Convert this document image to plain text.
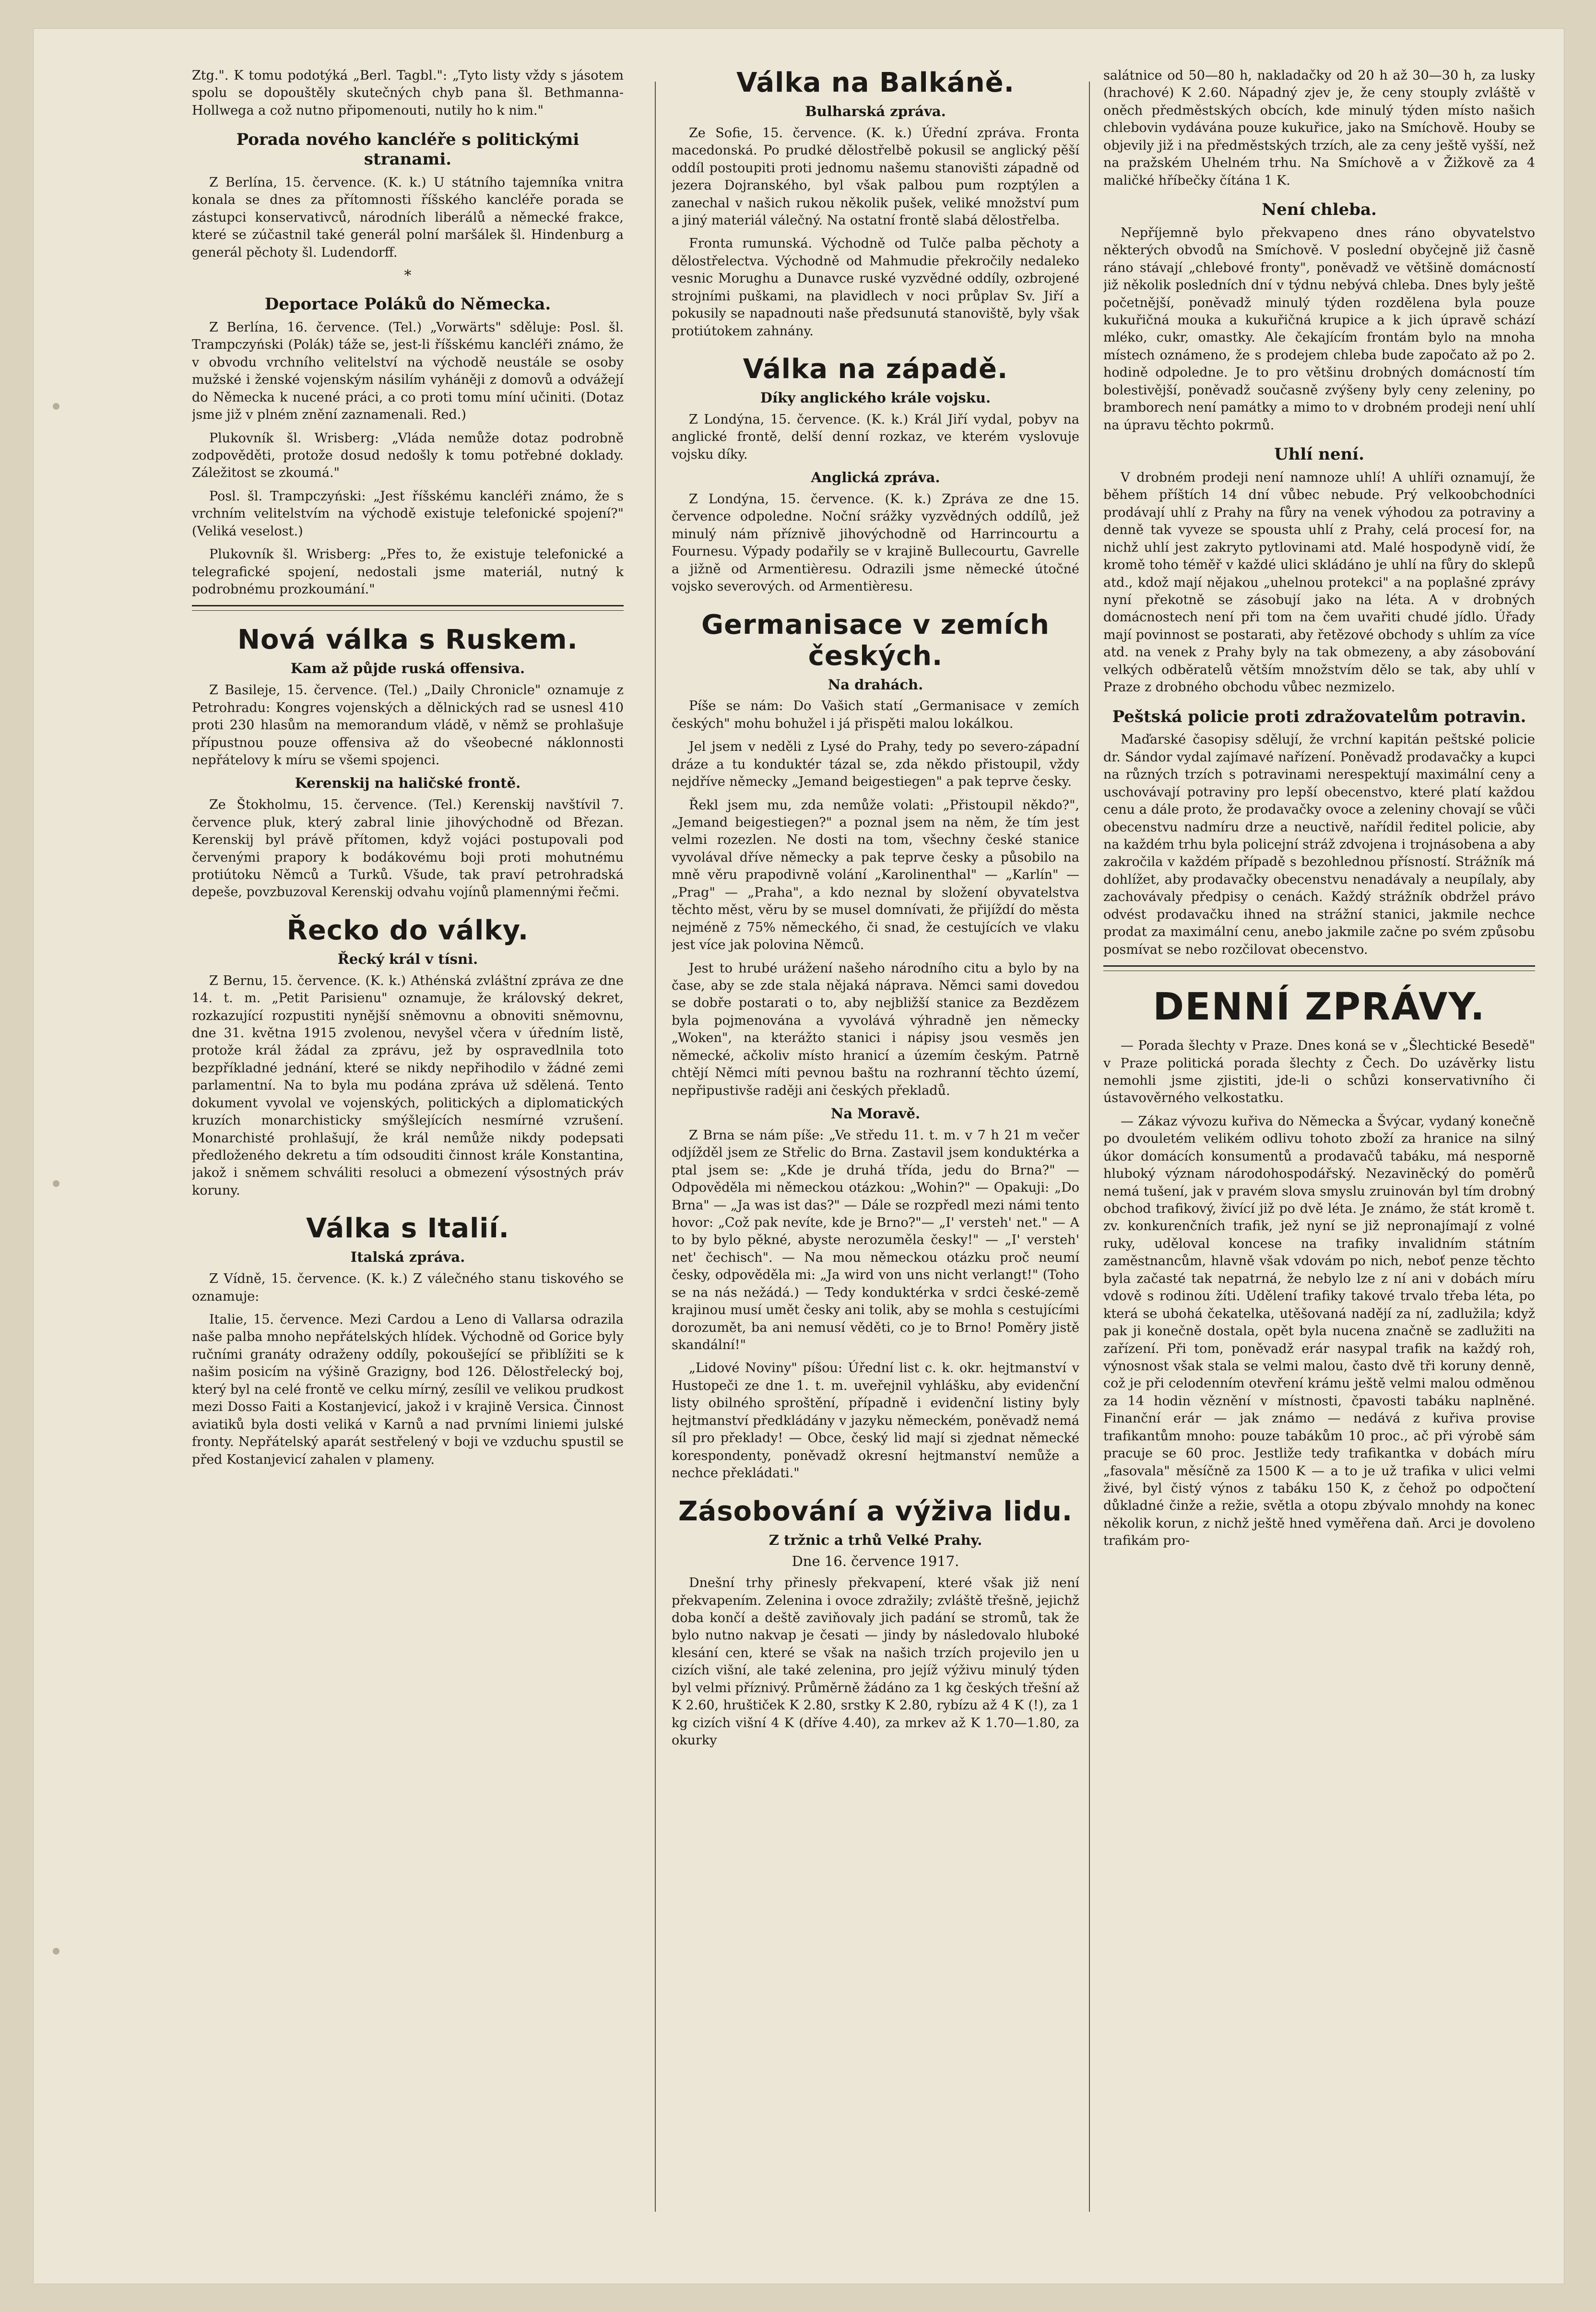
Ztg.". K tomu podotýká „Berl. Tagbl.": „Tyto listy vždy s jásotem spolu se dopouštěly skutečných chyb pana šl. Bethmanna-Hollwega a což nutno připomenouti, nutily ho k nim."

Porada nového kancléře s politickými stranami.

Z Berlína, 15. července. (K. k.) U státního tajemníka vnitra konala se dnes za přítomnosti říšského kancléře porada se zástupci konservativců, národních liberálů a německé frakce, které se zúčastnil také generál polní maršálek šl. Hindenburg a generál pěchoty šl. Ludendorff.

*
Deportace Poláků do Německa.

Z Berlína, 16. července. (Tel.) „Vorwärts" sděluje: Posl. šl. Trampczyński (Polák) táže se, jest-li říšskému kancléři známo, že v obvodu vrchního velitelství na východě neustále se osoby mužské i ženské vojenským násilím vyháněji z domovů a odvážejí do Německa k nucené práci, a co proti tomu míní učiniti. (Dotaz jsme již v plném znění zaznamenali. Red.)

Plukovník šl. Wrisberg: „Vláda nemůže dotaz podrobně zodpověděti, protože dosud nedošly k tomu potřebné doklady. Záležitost se zkoumá."

Posl. šl. Trampczyński: „Jest říšskému kancléři známo, že s vrchním velitelstvím na východě existuje telefonické spojení?" (Veliká veselost.)

Plukovník šl. Wrisberg: „Přes to, že existuje telefonické a telegrafické spojení, nedostali jsme materiál, nutný k podrobnému prozkoumání."

Nová válka s Ruskem.
Kam až půjde ruská offensiva.

Z Basileje, 15. července. (Tel.) „Daily Chronicle" oznamuje z Petrohradu: Kongres vojenských a dělnických rad se usnesl 410 proti 230 hlasům na memorandum vládě, v němž se prohlašuje přípustnou pouze offensiva až do všeobecné náklonnosti nepřátelovy k míru se všemi spojenci.

Kerenskij na haličské frontě.

Ze Štokholmu, 15. července. (Tel.) Kerenskij navštívil 7. července pluk, který zabral linie jihovýchodně od Březan. Kerenskij byl právě přítomen, když vojáci postupovali pod červenými prapory k bodákovému boji proti mohutnému protiútoku Němců a Turků. Všude, tak praví petrohradská depeše, povzbuzoval Kerenskij odvahu vojínů plamennými řečmi.

Řecko do války.
Řecký král v tísni.

Z Bernu, 15. července. (K. k.) Athénská zvláštní zpráva ze dne 14. t. m. „Petit Parisienu" oznamuje, že královský dekret, rozkazující rozpustiti nynější sněmovnu a obnoviti sněmovnu, dne 31. května 1915 zvolenou, nevyšel včera v úředním listě, protože král žádal za zprávu, jež by ospravedlnila toto bezpříkladné jednání, které se nikdy nepřihodilo v žádné zemi parlamentní. Na to byla mu podána zpráva už sdělená. Tento dokument vyvolal ve vojenských, politických a diplomatických kruzích monarchisticky smýšlejících nesmírné vzrušení. Monarchisté prohlašují, že král nemůže nikdy podepsati předloženého dekretu a tím odsouditi činnost krále Konstantina, jakož i sněmem schváliti resoluci a obmezení výsostných práv koruny.

Válka s Italií.
Italská zpráva.

Z Vídně, 15. července. (K. k.) Z válečného stanu tiskového se oznamuje:

Italie, 15. července. Mezi Cardou a Leno di Vallarsa odrazila naše palba mnoho nepřátelských hlídek. Východně od Gorice byly ručními granáty odraženy oddíly, pokoušející se přiblížiti se k našim posicím na výšině Grazigny, bod 126. Dělostřelecký boj, který byl na celé frontě ve celku mírný, zesílil ve velikou prudkost mezi Dosso Faiti a Kostanjevicí, jakož i v krajině Versica. Činnost aviatiků byla dosti veliká v Karnů a nad prvními liniemi julské fronty. Nepřátelský aparát sestřelený v boji ve vzduchu spustil se před Kostanjevicí zahalen v plameny.

Válka na Balkáně.
Bulharská zpráva.

Ze Sofie, 15. července. (K. k.) Úřední zpráva. Fronta macedonská. Po prudké dělostřelbě pokusil se anglický pěší oddíl postoupiti proti jednomu našemu stanovišti západně od jezera Dojranského, byl však palbou pum rozptýlen a zanechal v našich rukou několik pušek, veliké množství pum a jiný materiál válečný. Na ostatní frontě slabá dělostřelba.

Fronta rumunská. Východně od Tulče palba pěchoty a dělostřelectva. Východně od Mahmudie překročily nedaleko vesnic Morughu a Dunavce ruské vyzvědné oddíly, ozbrojené strojními puškami, na plavidlech v noci průplav Sv. Jiří a pokusily se napadnouti naše předsunutá stanoviště, byly však protiútokem zahnány.

Válka na západě.
Díky anglického krále vojsku.

Z Londýna, 15. července. (K. k.) Král Jiří vydal, pobyv na anglické frontě, delší denní rozkaz, ve kterém vyslovuje vojsku díky.

Anglická zpráva.

Z Londýna, 15. července. (K. k.) Zpráva ze dne 15. července odpoledne. Noční srážky vyzvědných oddílů, jež minulý nám příznivě jihovýchodně od Harrincourtu a Fournesu. Výpady podařily se v krajině Bullecourtu, Gavrelle a jižně od Armentièresu. Odrazili jsme německé útočné vojsko severových. od Armentièresu.

Germanisace v zemích českých.
Na drahách.

Píše se nám: Do Vašich statí „Germanisace v zemích českých" mohu bohužel i já přispěti malou lokálkou.

Jel jsem v neděli z Lysé do Prahy, tedy po severo-západní dráze a tu konduktér tázal se, zda někdo přistoupil, vždy nejdříve německy „Jemand beigestiegen" a pak teprve česky.

Řekl jsem mu, zda nemůže volati: „Přistoupil někdo?", „Jemand beigestiegen?" a poznal jsem na něm, že tím jest velmi rozezlen. Ne dosti na tom, všechny české stanice vyvolával dříve německy a pak teprve česky a působilo na mně věru prapodivně volání „Karolinenthal" — „Karlín" — „Prag" — „Praha", a kdo neznal by složení obyvatelstva těchto měst, věru by se musel domnívati, že přijíždí do města nejméně z 75% německého, či snad, že cestujících ve vlaku jest více jak polovina Němců.

Jest to hrubé urážení našeho národního citu a bylo by na čase, aby se zde stala nějaká náprava. Němci sami dovedou se dobře postarati o to, aby nejbližší stanice za Bezdězem byla pojmenována a vyvolává výhradně jen německy „Woken", na kterážto stanici i nápisy jsou vesměs jen německé, ačkoliv místo hranicí a územím českým. Patrně chtějí Němci míti pevnou baštu na rozhranní těchto území, nepřipustivše raději ani českých překladů.

Na Moravě.

Z Brna se nám píše: „Ve středu 11. t. m. v 7 h 21 m večer odjížděl jsem ze Střelic do Brna. Zastavil jsem konduktérka a ptal jsem se: „Kde je druhá třída, jedu do Brna?" — Odpověděla mi německou otázkou: „Wohin?" — Opakuji: „Do Brna" — „Ja was ist das?" — Dále se rozpředl mezi námi tento hovor: „Což pak nevíte, kde je Brno?"— „I' versteh' net." — A to by bylo pěkné, abyste nerozuměla česky!" — „I' versteh' net' čechisch". — Na mou německou otázku proč neumí česky, odpověděla mi: „Ja wird von uns nicht verlangt!" (Toho se na nás nežádá.) — Tedy konduktérka v srdci české-země krajinou musí umět česky ani tolik, aby se mohla s cestujícími dorozumět, ba ani nemusí věděti, co je to Brno! Poměry jistě skandální!"

„Lidové Noviny" píšou: Úřední list c. k. okr. hejtmanství v Hustopeči ze dne 1. t. m. uveřejnil vyhlášku, aby evidenční listy obilného sproštění, případně i evidenční listiny byly hejtmanství předkládány v jazyku německém, poněvadž nemá síl pro překlady! — Obce, český lid mají si zjednat německé korespondenty, poněvadž okresní hejtmanství nemůže a nechce překládati."

Zásobování a výživa lidu.
Z tržnic a trhů Velké Prahy.
Dne 16. července 1917.

Dnešní trhy přinesly překvapení, které však již není překvapením. Zelenina i ovoce zdražily; zvláště třešně, jejichž doba končí a deště zaviňovaly jich padání se stromů, tak že bylo nutno nakvap je česati — jindy by následovalo hluboké klesání cen, které se však na našich trzích projevilo jen u cizích višní, ale také zelenina, pro jejíž výživu minulý týden byl velmi příznivý. Průměrně žádáno za 1 kg českých třešní až K 2.60, hruštiček K 2.80, srstky K 2.80, rybízu až 4 K (!), za 1 kg cizích višní 4 K (dříve 4.40), za mrkev až K 1.70—1.80, za okurky

salátnice od 50—80 h, nakladačky od 20 h až 30—30 h, za lusky (hrachové) K 2.60. Nápadný zjev je, že ceny stouply zvláště v oněch předměstských obcích, kde minulý týden místo našich chlebovin vydávána pouze kukuřice, jako na Smíchově. Houby se objevily již i na předměstských trzích, ale za ceny ještě vyšší, než na pražském Uhelném trhu. Na Smíchově a v Žižkově za 4 maličké hříbečky čítána 1 K.

Není chleba.

Nepříjemně bylo překvapeno dnes ráno obyvatelstvo některých obvodů na Smíchově. V poslední obyčejně již časně ráno stávají „chlebové fronty", poněvadž ve většině domácností již několik posledních dní v týdnu nebývá chleba. Dnes byly ještě početnější, poněvadž minulý týden rozdělena byla pouze kukuřičná mouka a kukuřičná krupice a k jich úpravě schází mléko, cukr, omastky. Ale čekajícím frontám bylo na mnoha místech oznámeno, že s prodejem chleba bude započato až po 2. hodině odpoledne. Je to pro většinu drobných domácností tím bolestivější, poněvadž současně zvýšeny byly ceny zeleniny, po bramborech není památky a mimo to v drobném prodeji není uhlí na úpravu těchto pokrmů.

Uhlí není.

V drobném prodeji není namnoze uhlí! A uhlíři oznamují, že během příštích 14 dní vůbec nebude. Prý velkoobchodníci prodávají uhlí z Prahy na fůry na venek výhodou za potraviny a denně tak vyveze se spousta uhlí z Prahy, celá procesí for, na nichž uhlí jest zakryto pytlovinami atd. Malé hospodyně vidí, že kromě toho téměř v každé ulici skládáno je uhlí na fůry do sklepů atd., kdož mají nějakou „uhelnou protekci" a na poplašné zprávy nyní překotně se zásobují jako na léta. A v drobných domácnostech není při tom na čem uvařiti chudé jídlo. Úřady mají povinnost se postarati, aby řetězové obchody s uhlím za více atd. na venek z Prahy byly na tak obmezeny, a aby zásobování velkých odběratelů větším množstvím dělo se tak, aby uhlí v Praze z drobného obchodu vůbec nezmizelo.

Peštská policie proti zdražovatelům potravin.

Maďarské časopisy sdělují, že vrchní kapitán peštské policie dr. Sándor vydal zajímavé nařízení. Poněvadž prodavačky a kupci na různých trzích s potravinami nerespektují maximální ceny a uschovávají potraviny pro lepší obecenstvo, které platí každou cenu a dále proto, že prodavačky ovoce a zeleniny chovají se vůči obecenstvu nadmíru drze a neuctivě, nařídil ředitel policie, aby na každém trhu byla policejní stráž zdvojena i trojnásobena a aby zakročila v každém případě s bezohlednou přísností. Strážník má dohlížet, aby prodavačky obecenstvu nenadávaly a neupílaly, aby zachovávaly předpisy o cenách. Každý strážník obdržel právo odvést prodavačku ihned na strážní stanici, jakmile nechce prodat za maximální cenu, anebo jakmile začne po svém způsobu posmívat se nebo rozčilovat obecenstvo.

DENNÍ ZPRÁVY.

— Porada šlechty v Praze. Dnes koná se v „Šlechtické Besedě" v Praze politická porada šlechty z Čech. Do uzávěrky listu nemohli jsme zjistiti, jde-li o schůzi konservativního či ústavověrného velkostatku.

— Zákaz vývozu kuřiva do Německa a Švýcar, vydaný konečně po dvouletém velikém odlivu tohoto zboží za hranice na silný úkor domácích konsumentů a prodavačů tabáku, má nesporně hluboký význam národohospodářský. Nezaviněcký do poměrů nemá tušení, jak v pravém slova smyslu zruinován byl tím drobný obchod trafikový, živící již po dvě léta. Je známo, že stát kromě t. zv. konkurenčních trafik, jež nyní se již nepronajímají z volné ruky, uděloval koncese na trafiky invalidním státním zaměstnancům, hlavně však vdovám po nich, neboť penze těchto byla začasté tak nepatrná, že nebylo lze z ní ani v dobách míru vdově s rodinou žíti. Udělení trafiky takové trvalo třeba léta, po která se ubohá čekatelka, utěšovaná nadějí za ní, zadlužila; když pak ji konečně dostala, opět byla nucena značně se zadlužiti na zařízení. Při tom, poněvadž erár nasypal trafik na každý roh, výnosnost však stala se velmi malou, často dvě tři koruny denně, což je při celodenním otevření krámu ještě velmi malou odměnou za 14 hodin věznění v místnosti, čpavosti tabáku naplněné. Finanční erár — jak známo — nedává z kuřiva provise trafikantům mnoho: pouze tabákům 10 proc., ač při výrobě sám pracuje se 60 proc. Jestliže tedy trafikantka v dobách míru „fasovala" měsíčně za 1500 K — a to je už trafika v ulici velmi živé, byl čistý výnos z tabáku 150 K, z čehož po odpočtení důkladné činže a režie, světla a otopu zbývalo mnohdy na konec několik korun, z nichž ještě hned vyměřena daň. Arci je dovoleno trafikám pro-
